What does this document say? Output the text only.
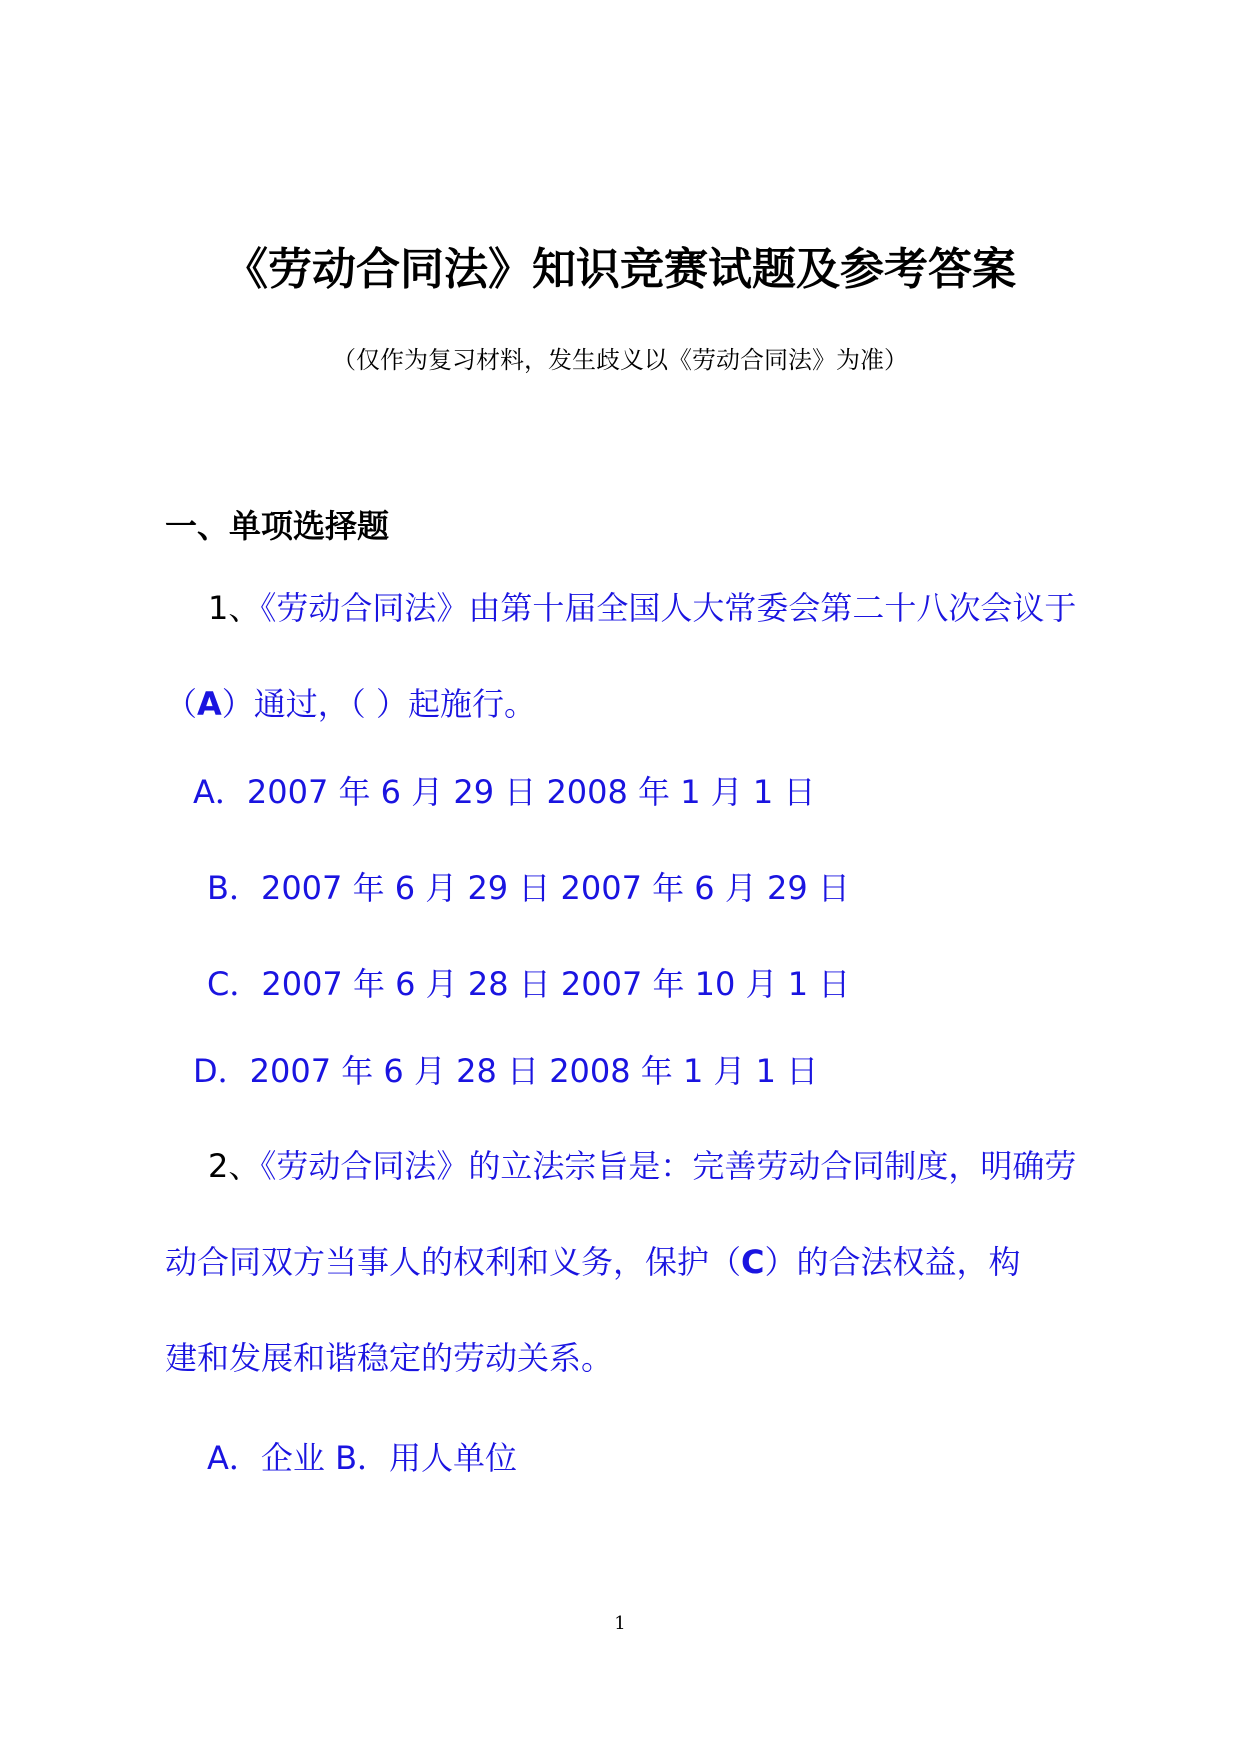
《劳动合同法》知识竞赛试题及参考答案
（仅作为复习材料，发生歧义以《劳动合同法》为准）
一、单项选择题
1、《劳动合同法》由第十届全国人大常委会第二十八次会议于
（A）通过，（ ）起施行。
A．2007 年 6 月 29 日 2008 年 1 月 1 日
B．2007 年 6 月 29 日 2007 年 6 月 29 日
C．2007 年 6 月 28 日 2007 年 10 月 1 日
D．2007 年 6 月 28 日 2008 年 1 月 1 日
2、《劳动合同法》的立法宗旨是：完善劳动合同制度，明确劳
动合同双方当事人的权利和义务，保护（C）的合法权益，构
建和发展和谐稳定的劳动关系。
A．企业 B．用人单位
1
